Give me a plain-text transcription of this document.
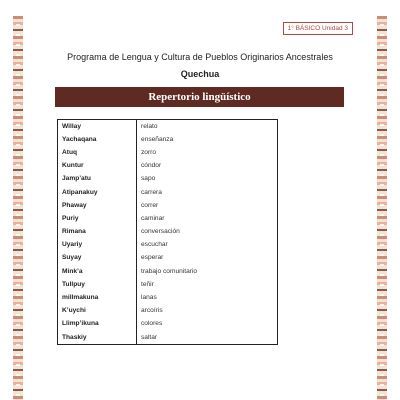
1° BÁSICO Unidad 3
Programa de Lengua y Cultura de Pueblos Originarios Ancestrales
Quechua
Repertorio lingüístico
Willay	relato
Yachaqana	enseñanza
Atuq	zorro
Kuntur	cóndor
Jamp’atu	sapo
Atipanakuy	carrera
Phaway	correr
Puriy	caminar
Rimana	conversación
Uyariy	escuchar
Suyay	esperar
Mink’a	trabajo comunitario
Tullpuy	teñir
millmakuna	lanas
K’uychi	arcoíris
Llimp’ikuna	colores
Thaskiy	saltar
